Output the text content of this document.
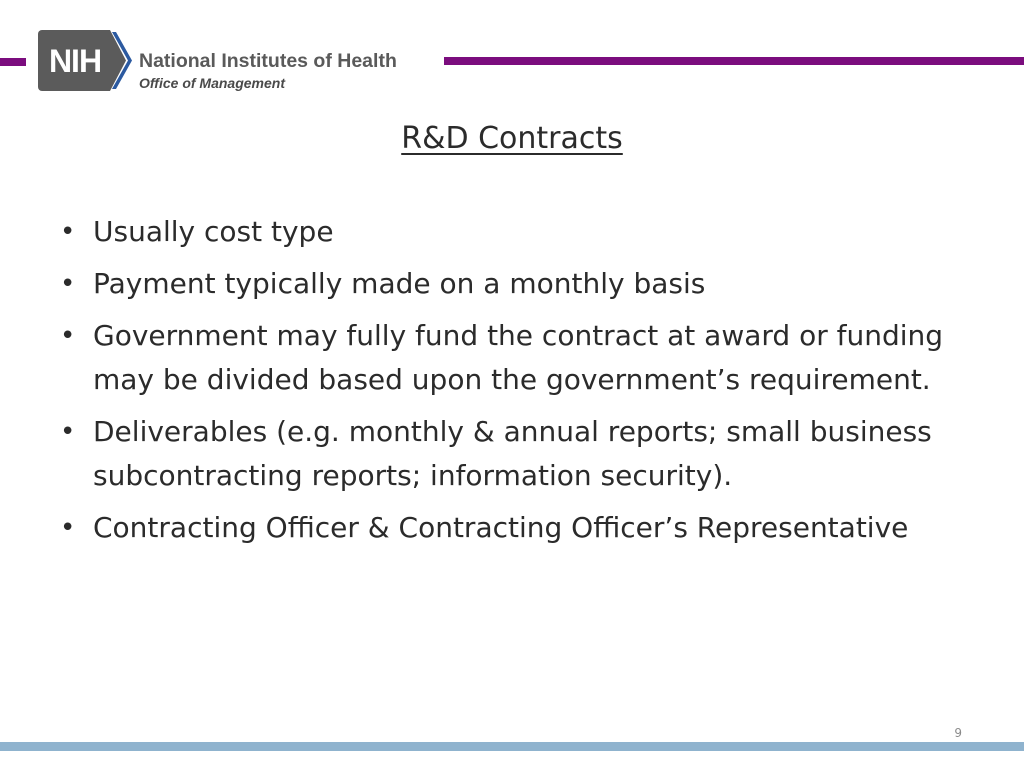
NIH	National Institutes of Health
Office of Management
R&D Contracts
• Usually cost type
• Payment typically made on a monthly basis
• Government may fully fund the contract at award or funding may be divided based upon the government’s requirement.
• Deliverables (e.g. monthly & annual reports; small business subcontracting reports; information security).
• Contracting Officer & Contracting Officer’s Representative
9
